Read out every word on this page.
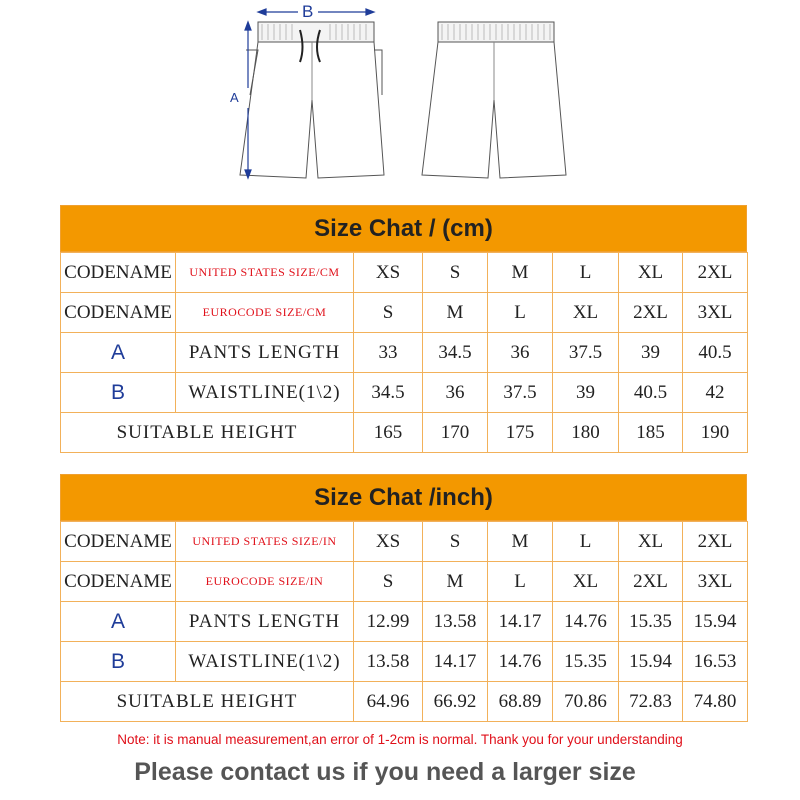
B
A
Size Chat / (cm)
CODENAME	UNITED STATES SIZE/CM	XS	S	M	L	XL	2XL
CODENAME	EUROCODE SIZE/CM	S	M	L	XL	2XL	3XL
A	PANTS LENGTH	33	34.5	36	37.5	39	40.5
B	WAISTLINE(1\2)	34.5	36	37.5	39	40.5	42
SUITABLE HEIGHT		165	170	175	180	185	190
Size Chat /inch)
CODENAME	UNITED STATES SIZE/IN	XS	S	M	L	XL	2XL
CODENAME	EUROCODE SIZE/IN	S	M	L	XL	2XL	3XL
A	PANTS LENGTH	12.99	13.58	14.17	14.76	15.35	15.94
B	WAISTLINE(1\2)	13.58	14.17	14.76	15.35	15.94	16.53
SUITABLE HEIGHT		64.96	66.92	68.89	70.86	72.83	74.80
Note: it is manual measurement,an error of 1-2cm is normal. Thank you for your understanding
Please contact us if you need a larger size
